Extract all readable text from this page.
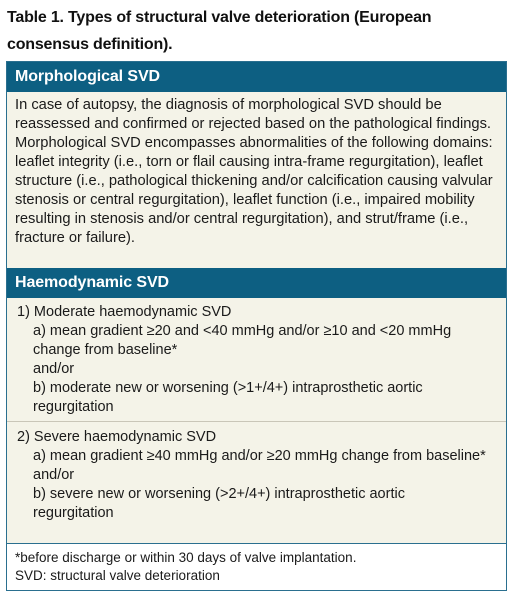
Table 1. Types of structural valve deterioration (European consensus definition).
Morphological SVD
In case of autopsy, the diagnosis of morphological SVD should be reassessed and confirmed or rejected based on the pathological findings. Morphological SVD encompasses abnormalities of the following domains: leaflet integrity (i.e., torn or flail causing intra-frame regurgitation), leaflet structure (i.e., pathological thickening and/or calcification causing valvular stenosis or central regurgitation), leaflet function (i.e., impaired mobility resulting in stenosis and/or central regurgitation), and strut/frame (i.e., fracture or failure).
Haemodynamic SVD
1) Moderate haemodynamic SVD
a) mean gradient ≥20 and <40 mmHg and/or ≥10 and <20 mmHg change from baseline*
and/or
b) moderate new or worsening (>1+/4+) intraprosthetic aortic regurgitation
2) Severe haemodynamic SVD
a) mean gradient ≥40 mmHg and/or ≥20 mmHg change from baseline*
and/or
b) severe new or worsening (>2+/4+) intraprosthetic aortic regurgitation
*before discharge or within 30 days of valve implantation.
SVD: structural valve deterioration
